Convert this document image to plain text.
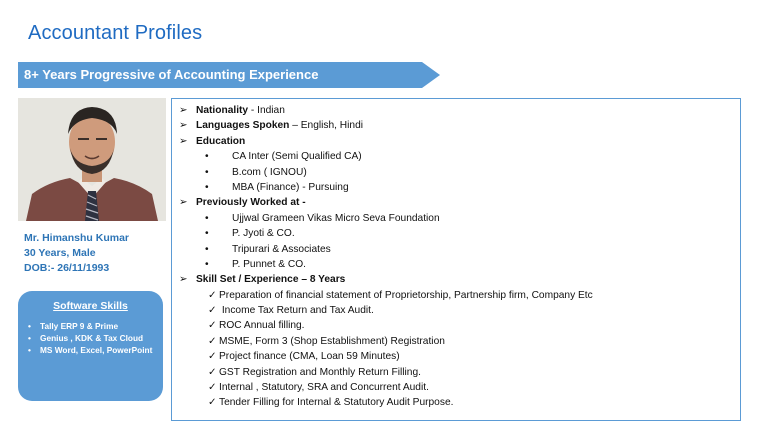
Accountant Profiles
8+ Years Progressive of Accounting Experience
Mr. Himanshu Kumar
30 Years, Male
DOB:- 26/11/1993
Software Skills
• Tally ERP 9 & Prime
• Genius , KDK & Tax Cloud
• MS Word, Excel, PowerPoint
➢ Nationality - Indian
➢ Languages Spoken – English, Hindi
➢ Education
• CA Inter (Semi Qualified CA)
• B.com ( IGNOU)
• MBA (Finance) - Pursuing
➢ Previously Worked at -
• Ujjwal Grameen Vikas Micro Seva Foundation
• P. Jyoti & CO.
• Tripurari & Associates
• P. Punnet & CO.
➢ Skill Set / Experience – 8 Years
✓ Preparation of financial statement of Proprietorship, Partnership firm, Company Etc
✓ Income Tax Return and Tax Audit.
✓ ROC Annual filling.
✓ MSME, Form 3 (Shop Establishment) Registration
✓ Project finance (CMA, Loan 59 Minutes)
✓ GST Registration and Monthly Return Filling.
✓ Internal , Statutory, SRA and Concurrent Audit.
✓ Tender Filling for Internal & Statutory Audit Purpose.
